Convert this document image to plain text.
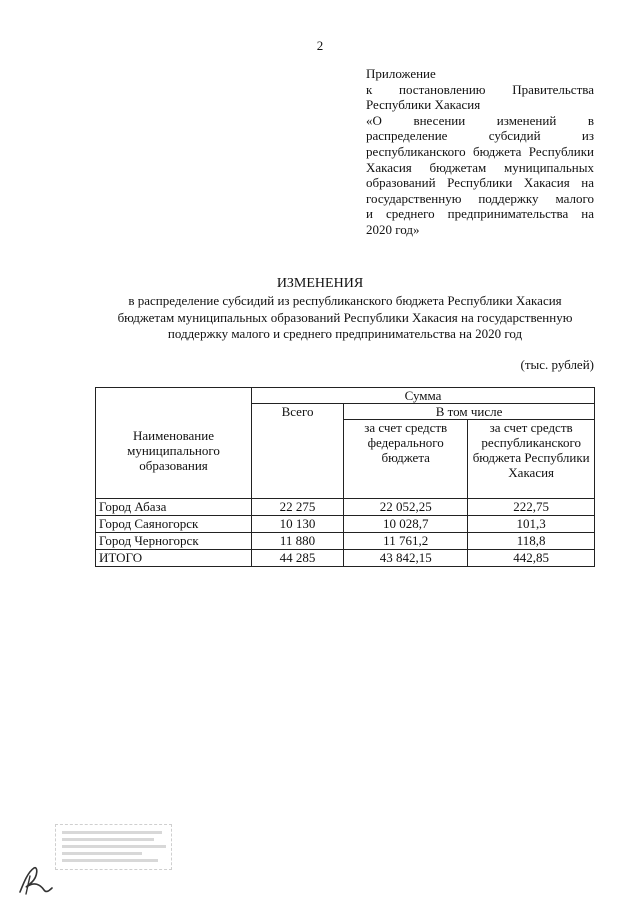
2
Приложение
к постановлению Правительства
Республики Хакасия
«О внесении изменений в
распределение субсидий из
республиканского бюджета Республики
Хакасия бюджетам муниципальных
образований Республики Хакасия на
государственную поддержку малого
и среднего предпринимательства на
2020 год»
ИЗМЕНЕНИЯ
в распределение субсидий из республиканского бюджета Республики Хакасия
бюджетам муниципальных образований Республики Хакасия на государственную
поддержку малого и среднего предпринимательства на 2020 год
(тыс. рублей)
Наименование муниципального образования	Сумма		
	Всего	В том числе	
		за счет средств федерального бюджета	за счет средств республиканского бюджета Республики Хакасия
Город Абаза	22 275	22 052,25	222,75
Город Саяногорск	10 130	10 028,7	101,3
Город Черногорск	11 880	11 761,2	118,8
ИТОГО	44 285	43 842,15	442,85
